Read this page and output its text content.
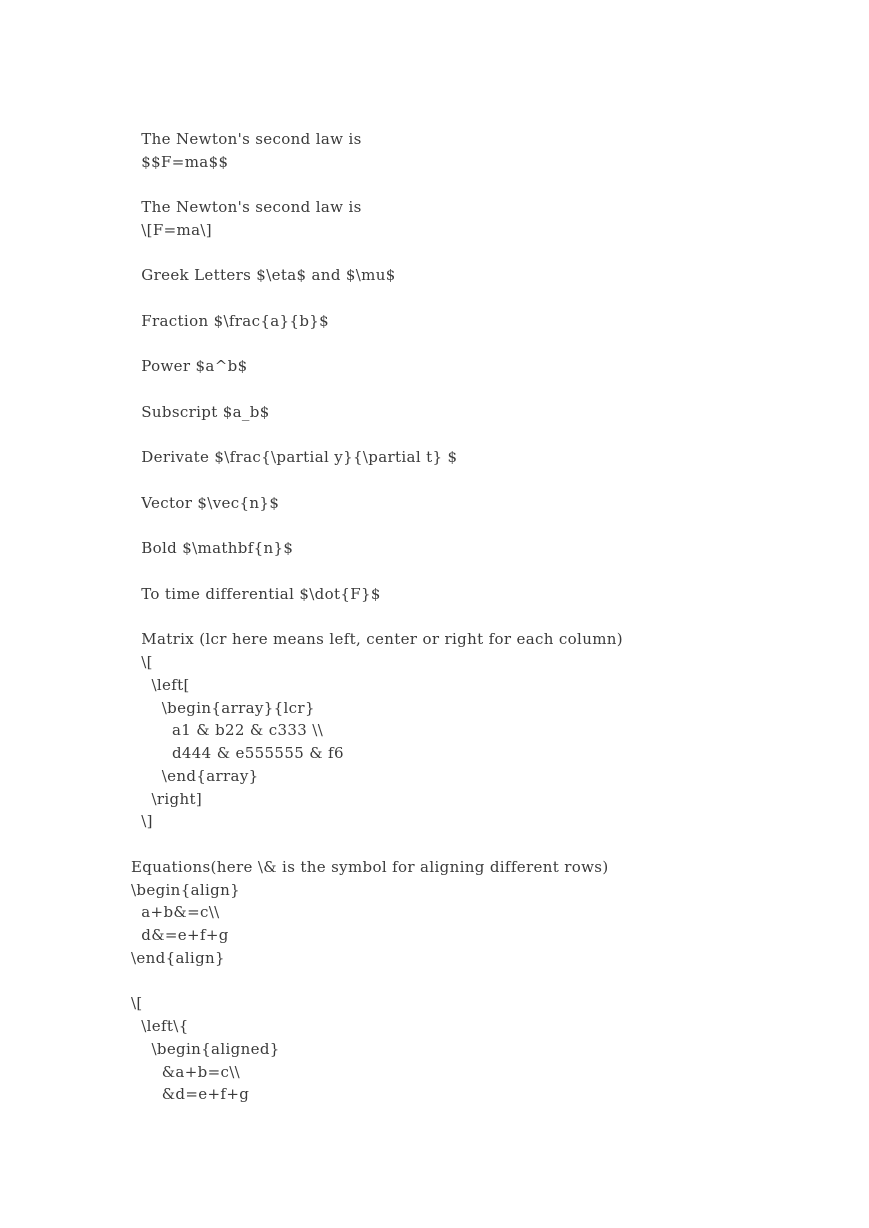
The Newton's second law is
$$F=ma$$
The Newton's second law is
\[F=ma\]
Greek Letters $\eta$ and $\mu$
Fraction $\frac{a}{b}$
Power $a^b$
Subscript $a_b$
Derivate $\frac{\partial y}{\partial t} $
Vector $\vec{n}$
Bold $\mathbf{n}$
To time differential $\dot{F}$
Matrix (lcr here means left, center or right for each column)
\[
\left[
\begin{array}{lcr}
a1 & b22 & c333 \\
d444 & e555555 & f6
\end{array}
\right]
\]
Equations(here \& is the symbol for aligning different rows)
\begin{align}
a+b&=c\\
d&=e+f+g
\end{align}
\[
\left\{
\begin{aligned}
&a+b=c\\
&d=e+f+g
